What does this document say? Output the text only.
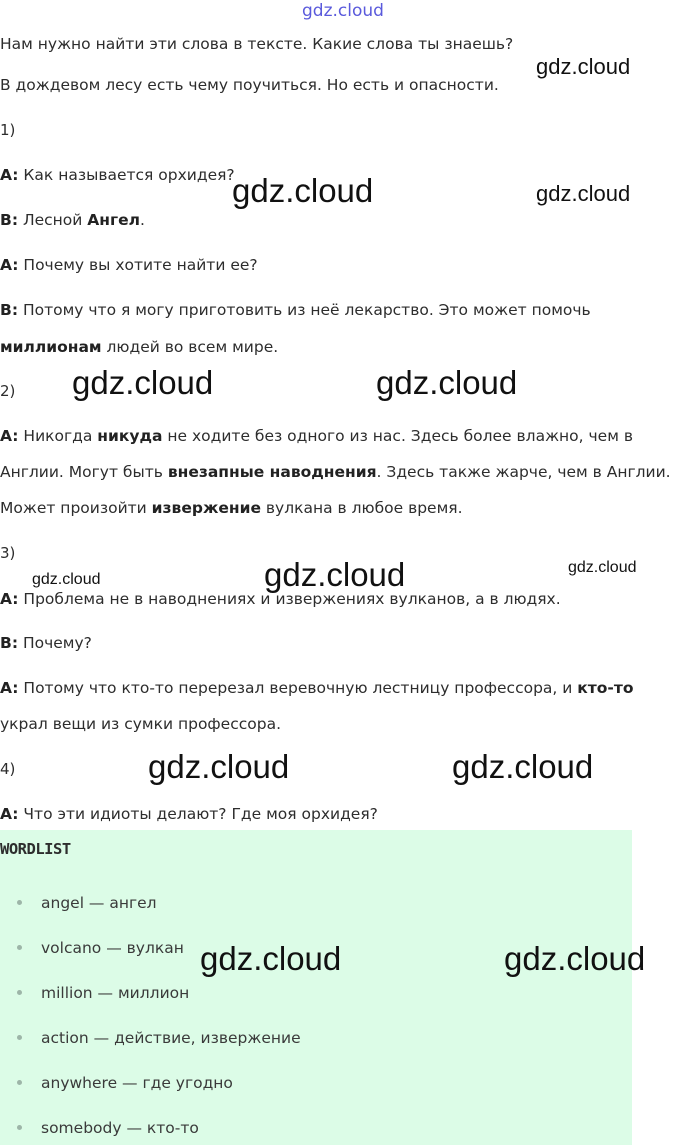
gdz.cloud
Нам нужно найти эти слова в тексте. Какие слова ты знаешь?
В дождевом лесу есть чему поучиться. Но есть и опасности.
1)
A: Как называется орхидея?
B: Лесной Ангел.
A: Почему вы хотите найти ее?
B: Потому что я могу приготовить из неё лекарство. Это может помочь
миллионам людей во всем мире.
2)
A: Никогда никуда не ходите без одного из нас. Здесь более влажно, чем в
Англии. Могут быть внезапные наводнения. Здесь также жарче, чем в Англии.
Может произойти извержение вулкана в любое время.
3)
A: Проблема не в наводнениях и извержениях вулканов, а в людях.
B: Почему?
A: Потому что кто-то перерезал веревочную лестницу профессора, и кто-то
украл вещи из сумки профессора.
4)
A: Что эти идиоты делают? Где моя орхидея?
WORDLIST
angel — ангел
volcano — вулкан
million — миллион
action — действие, извержение
anywhere — где угодно
somebody — кто-то
gdz.cloud
gdz.cloud	gdz.cloud
gdz.cloud	gdz.cloud
gdz.cloud	gdz.cloud	gdz.cloud
gdz.cloud	gdz.cloud
gdz.cloud	gdz.cloud
